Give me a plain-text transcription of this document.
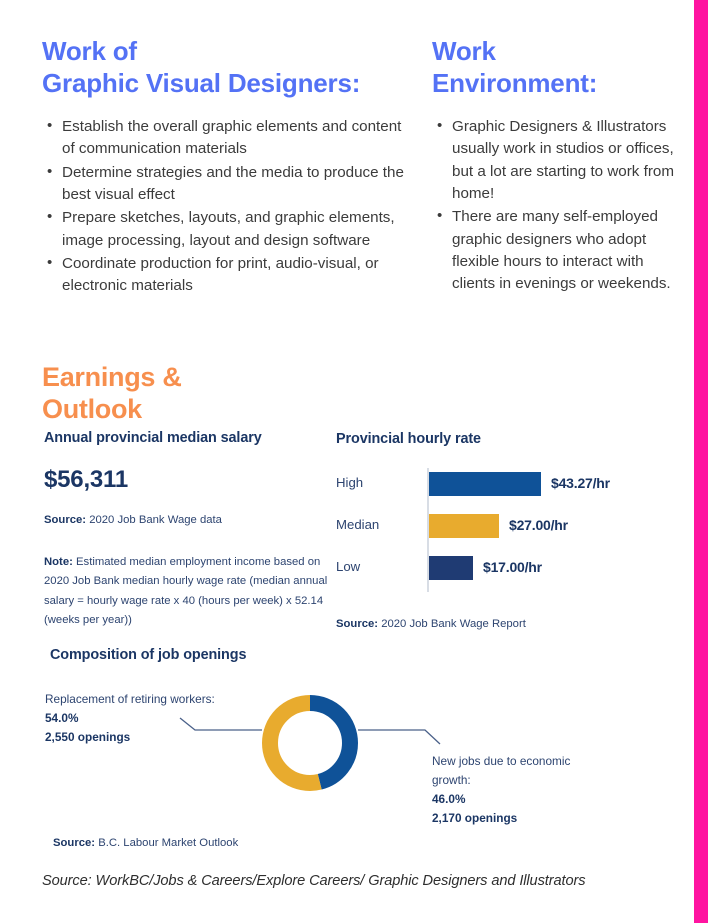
Work of
Graphic Visual Designers:
• Establish the overall graphic elements and content of communication materials
• Determine strategies and the media to produce the best visual effect
• Prepare sketches, layouts, and graphic elements, image processing, layout and design software
• Coordinate production for print, audio-visual, or electronic materials
Work
Environment:
• Graphic Designers & Illustrators usually work in studios or offices, but a lot are starting to work from home!
• There are many self-employed graphic designers who adopt flexible hours to interact with clients in evenings or weekends.
Earnings &
Outlook
Annual provincial median salary
$56,311
Source: 2020 Job Bank Wage data
Note: Estimated median employment income based on 2020 Job Bank median hourly wage rate (median annual salary = hourly wage rate x 40 (hours per week) x 52.14 (weeks per year))
Provincial hourly rate
High	$43.27/hr
Median	$27.00/hr
Low	$17.00/hr
Source: 2020 Job Bank Wage Report
Composition of job openings
Replacement of retiring workers:
54.0%
2,550 openings
New jobs due to economic
growth:
46.0%
2,170 openings
Source: B.C. Labour Market Outlook
Source: WorkBC/Jobs & Careers/Explore Careers/ Graphic Designers and Illustrators
